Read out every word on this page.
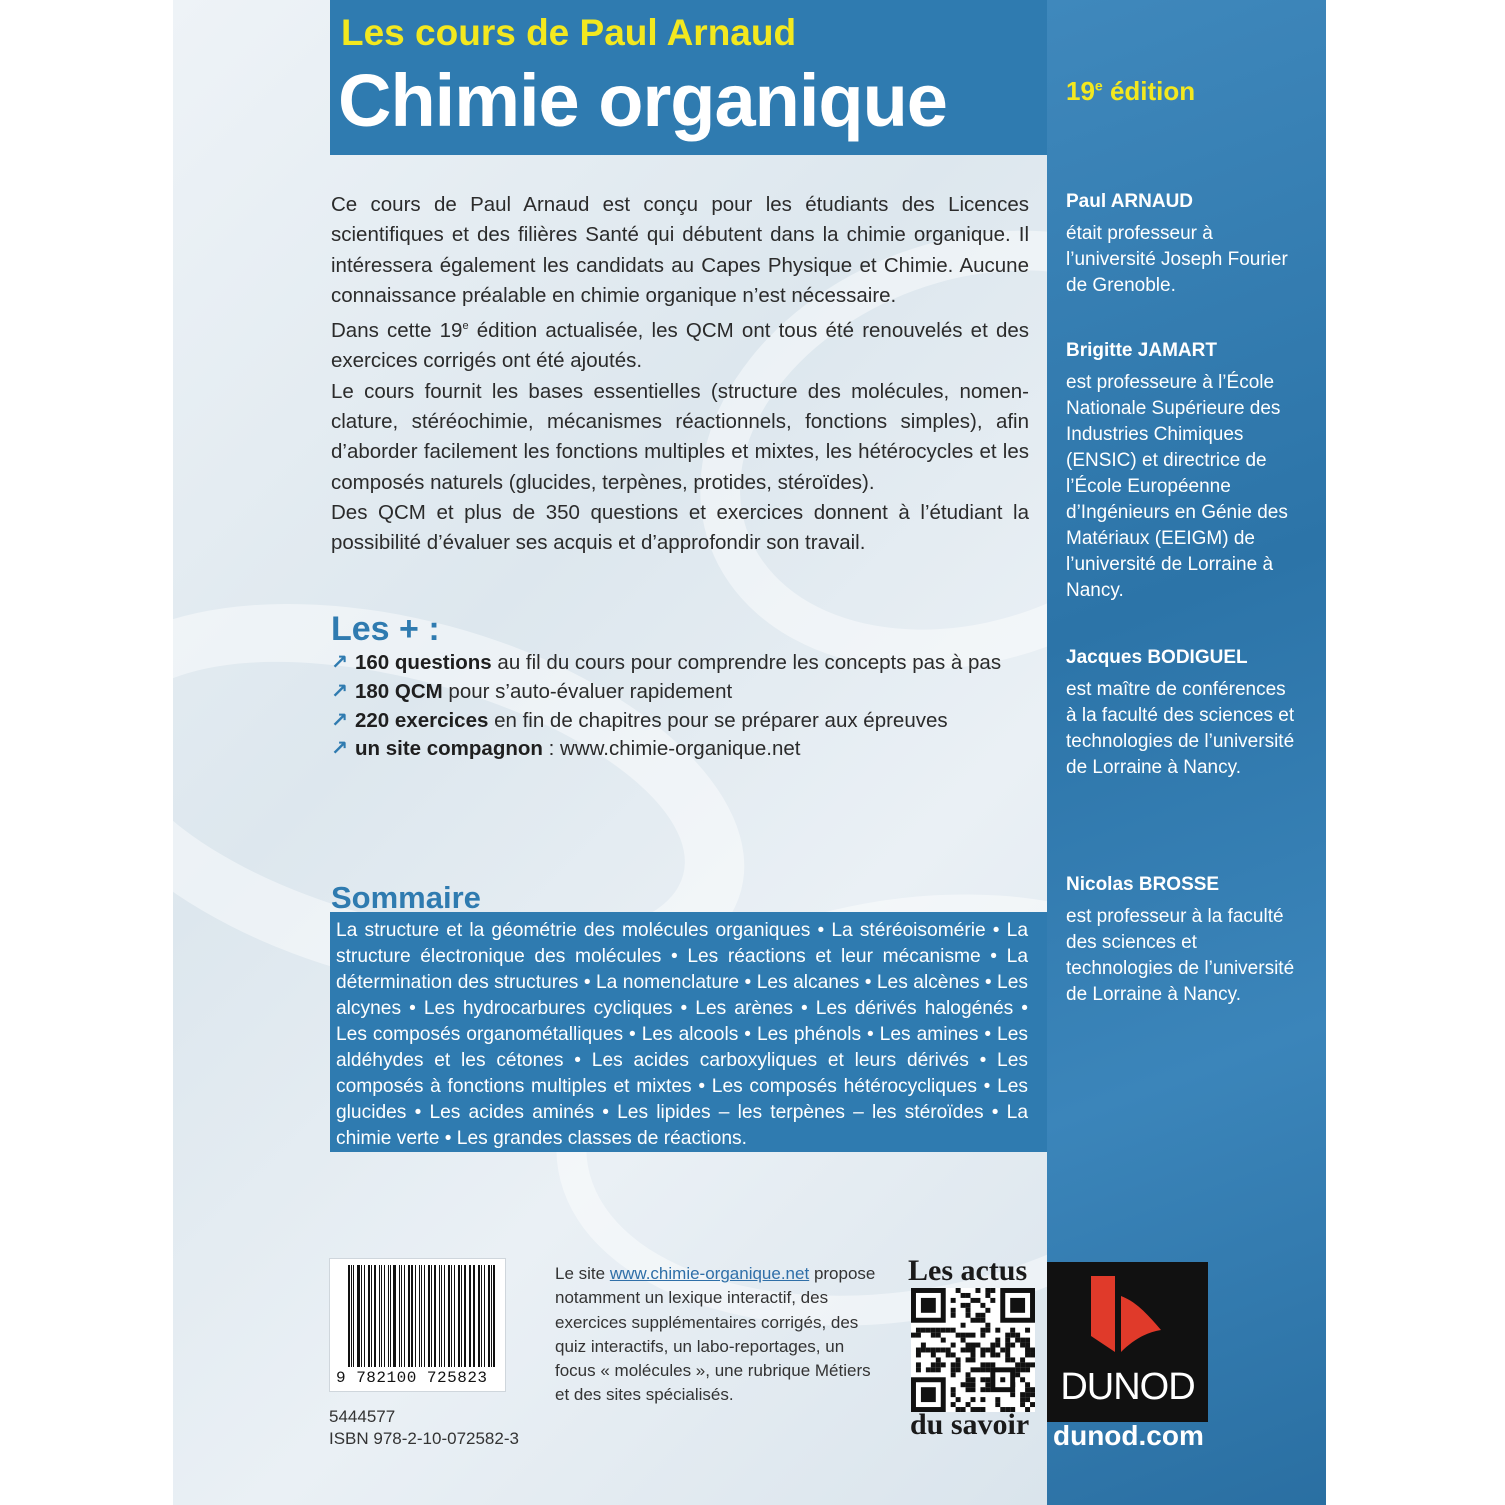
Les cours de Paul Arnaud
Chimie organique	19e édition
Paul ARNAUD
était professeur à l’université Joseph Fourier de Grenoble.
Brigitte JAMART
est professeure à l’École Nationale Supérieure des Industries Chimiques (ENSIC) et directrice de l’École Européenne d’Ingénieurs en Génie des Matériaux (EEIGM) de l’université de Lorraine à Nancy.
Jacques BODIGUEL
est maître de conférences à la faculté des sciences et technologies de l’université de Lorraine à Nancy.
Nicolas BROSSE
est professeur à la faculté des sciences et technologies de l’université de Lorraine à Nancy.

Ce cours de Paul Arnaud est conçu pour les étudiants des Licences scientifiques et des filières Santé qui débutent dans la chimie organique. Il intéressera également les candidats au Capes Physique et Chimie. Aucune connaissance préalable en chimie organique n’est nécessaire.

Dans cette 19e édition actualisée, les QCM ont tous été renouvelés et des exercices corrigés ont été ajoutés.

Le cours fournit les bases essentielles (structure des molécules, nomenclature, stéréochimie, mécanismes réactionnels, fonctions simples), afin d’aborder facilement les fonctions multiples et mixtes, les hétérocycles et les composés naturels (glucides, terpènes, protides, stéroïdes).

Des QCM et plus de 350 questions et exercices donnent à l’étudiant la possibilité d’évaluer ses acquis et d’approfondir son travail.

Les + :
↗ 160 questions au fil du cours pour comprendre les concepts pas à pas
↗ 180 QCM pour s’auto-évaluer rapidement
↗ 220 exercices en fin de chapitres pour se préparer aux épreuves
↗ un site compagnon : www.chimie-organique.net
Sommaire
La structure et la géométrie des molécules organiques • La stéréoisomérie • La structure électronique des molécules • Les réactions et leur mécanisme • La détermination des structures • La nomenclature • Les alcanes • Les alcènes • Les alcynes • Les hydrocarbures cycliques • Les arènes • Les dérivés halogénés • Les composés organométalliques • Les alcools • Les phénols • Les amines • Les aldéhydes et les cétones • Les acides carboxyliques et leurs dérivés • Les composés à fonctions multiples et mixtes • Les composés hétérocycliques • Les glucides • Les acides aminés • Les lipides – les terpènes – les stéroïdes • La chimie verte • Les grandes classes de réactions.
9 782100 725823
5444577
ISBN 978-2-10-072582-3
Le site www.chimie-organique.net propose notamment un lexique interactif, des exercices supplémentaires corrigés, des quiz interactifs, un labo-reportages, un focus « molécules », une rubrique Métiers et des sites spécialisés.
Les actus
du savoir
DUNOD
dunod.com
